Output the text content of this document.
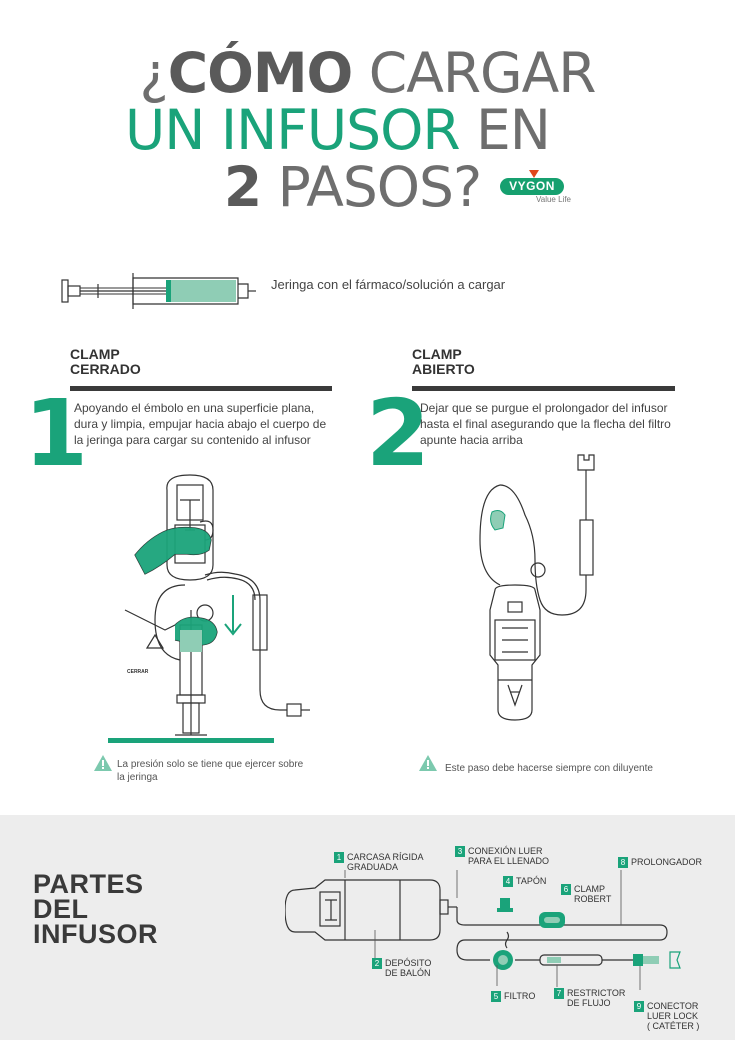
¿CÓMO CARGAR
UN INFUSOR EN
2 PASOS?	VYGON
Value Life
Jeringa con el fármaco/solución a cargar
CLAMP
CERRADO
1
Apoyando el émbolo en una superficie plana,
dura y limpia, empujar hacia abajo el cuerpo de
la jeringa para cargar su contenido al infusor
CERRAR
La presión solo se tiene que ejercer sobre
la jeringa
CLAMP
ABIERTO
2
Dejar que se purgue el prolongador del infusor
hasta el final asegurando que la flecha del filtro
apunte hacia arriba
Este paso debe hacerse siempre con diluyente
PARTES
DEL
INFUSOR
1 CARCASA RÍGIDA
GRADUADA
2 DEPÓSITO
DE BALÓN
3 CONEXIÓN LUER
PARA EL LLENADO
4 TAPÓN
5 FILTRO
6 CLAMP
ROBERT
7 RESTRICTOR
DE FLUJO
8 PROLONGADOR
9 CONECTOR
LUER LOCK
( CATÉTER )
